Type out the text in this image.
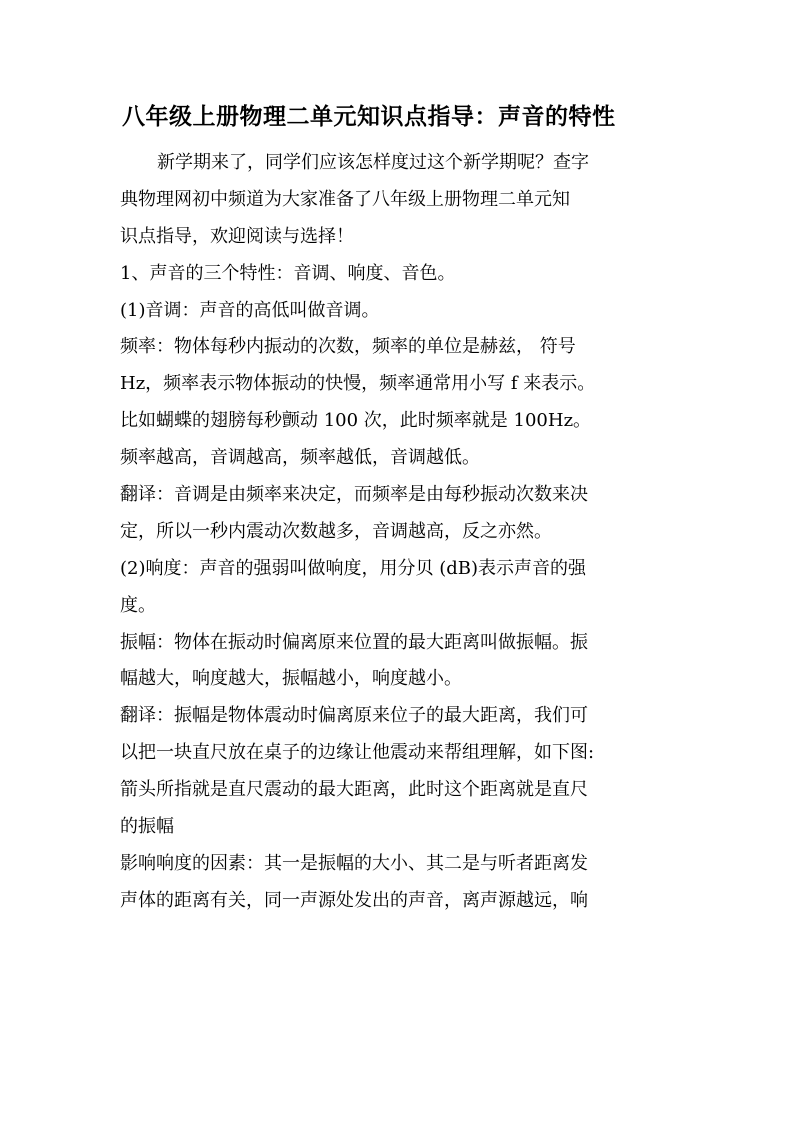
八年级上册物理二单元知识点指导：声音的特性
新学期来了，同学们应该怎样度过这个新学期呢？查字
典物理网初中频道为大家准备了八年级上册物理二单元知
识点指导，欢迎阅读与选择！
1、声音的三个特性：音调、响度、音色。
(1)音调：声音的高低叫做音调。
频率：物体每秒内振动的次数，频率的单位是赫兹， 符号
Hz，频率表示物体振动的快慢，频率通常用小写 f 来表示。
比如蝴蝶的翅膀每秒颤动 100 次，此时频率就是 100Hz。
频率越高，音调越高，频率越低，音调越低。
翻译：音调是由频率来决定，而频率是由每秒振动次数来决
定，所以一秒内震动次数越多，音调越高，反之亦然。
(2)响度：声音的强弱叫做响度，用分贝 (dB)表示声音的强
度。
振幅：物体在振动时偏离原来位置的最大距离叫做振幅。振
幅越大，响度越大，振幅越小，响度越小。
翻译：振幅是物体震动时偏离原来位子的最大距离，我们可
以把一块直尺放在桌子的边缘让他震动来帮组理解，如下图:
箭头所指就是直尺震动的最大距离，此时这个距离就是直尺
的振幅
影响响度的因素：其一是振幅的大小、其二是与听者距离发
声体的距离有关，同一声源处发出的声音，离声源越远，响
